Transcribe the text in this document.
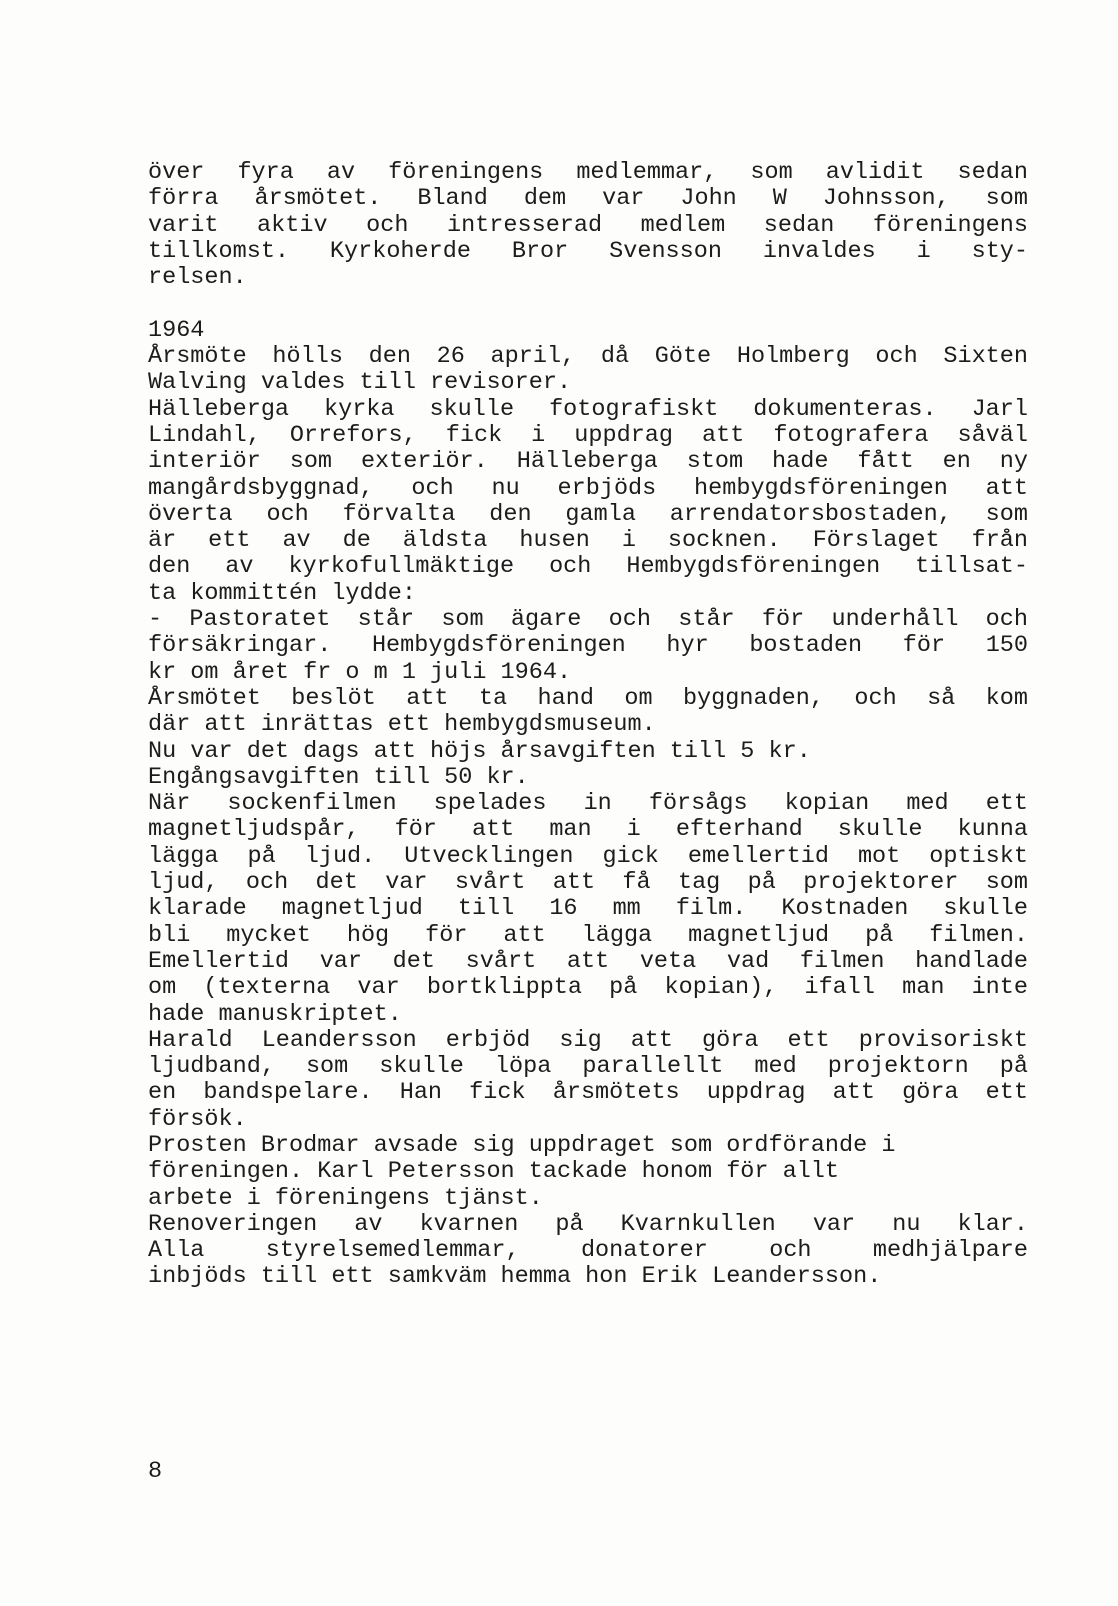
över fyra av föreningens medlemmar, som avlidit sedan
förra årsmötet. Bland dem var John W Johnsson, som
varit aktiv och intresserad medlem sedan föreningens
tillkomst. Kyrkoherde Bror Svensson invaldes i sty-
relsen.
1964
Årsmöte hölls den 26 april, då Göte Holmberg och Sixten
Walving valdes till revisorer.
Hälleberga kyrka skulle fotografiskt dokumenteras. Jarl
Lindahl, Orrefors, fick i uppdrag att fotografera såväl
interiör som exteriör. Hälleberga stom hade fått en ny
mangårdsbyggnad, och nu erbjöds hembygdsföreningen att
överta och förvalta den gamla arrendatorsbostaden, som
är ett av de äldsta husen i socknen. Förslaget från
den av kyrkofullmäktige och Hembygdsföreningen tillsat-
ta kommittén lydde:
- Pastoratet står som ägare och står för underhåll och
försäkringar. Hembygdsföreningen hyr bostaden för 150
kr om året fr o m 1 juli 1964.
Årsmötet beslöt att ta hand om byggnaden, och så kom
där att inrättas ett hembygdsmuseum.
Nu var det dags att höjs årsavgiften till 5 kr.
Engångsavgiften till 50 kr.
När sockenfilmen spelades in försågs kopian med ett
magnetljudspår, för att man i efterhand skulle kunna
lägga på ljud. Utvecklingen gick emellertid mot optiskt
ljud, och det var svårt att få tag på projektorer som
klarade magnetljud till 16 mm film. Kostnaden skulle
bli mycket hög för att lägga magnetljud på filmen.
Emellertid var det svårt att veta vad filmen handlade
om (texterna var bortklippta på kopian), ifall man inte
hade manuskriptet.
Harald Leandersson erbjöd sig att göra ett provisoriskt
ljudband, som skulle löpa parallellt med projektorn på
en bandspelare. Han fick årsmötets uppdrag att göra ett
försök.
Prosten Brodmar avsade sig uppdraget som ordförande i
föreningen. Karl Petersson tackade honom för allt
arbete i föreningens tjänst.
Renoveringen av kvarnen på Kvarnkullen var nu klar.
Alla styrelsemedlemmar, donatorer och medhjälpare
inbjöds till ett samkväm hemma hon Erik Leandersson.
8
